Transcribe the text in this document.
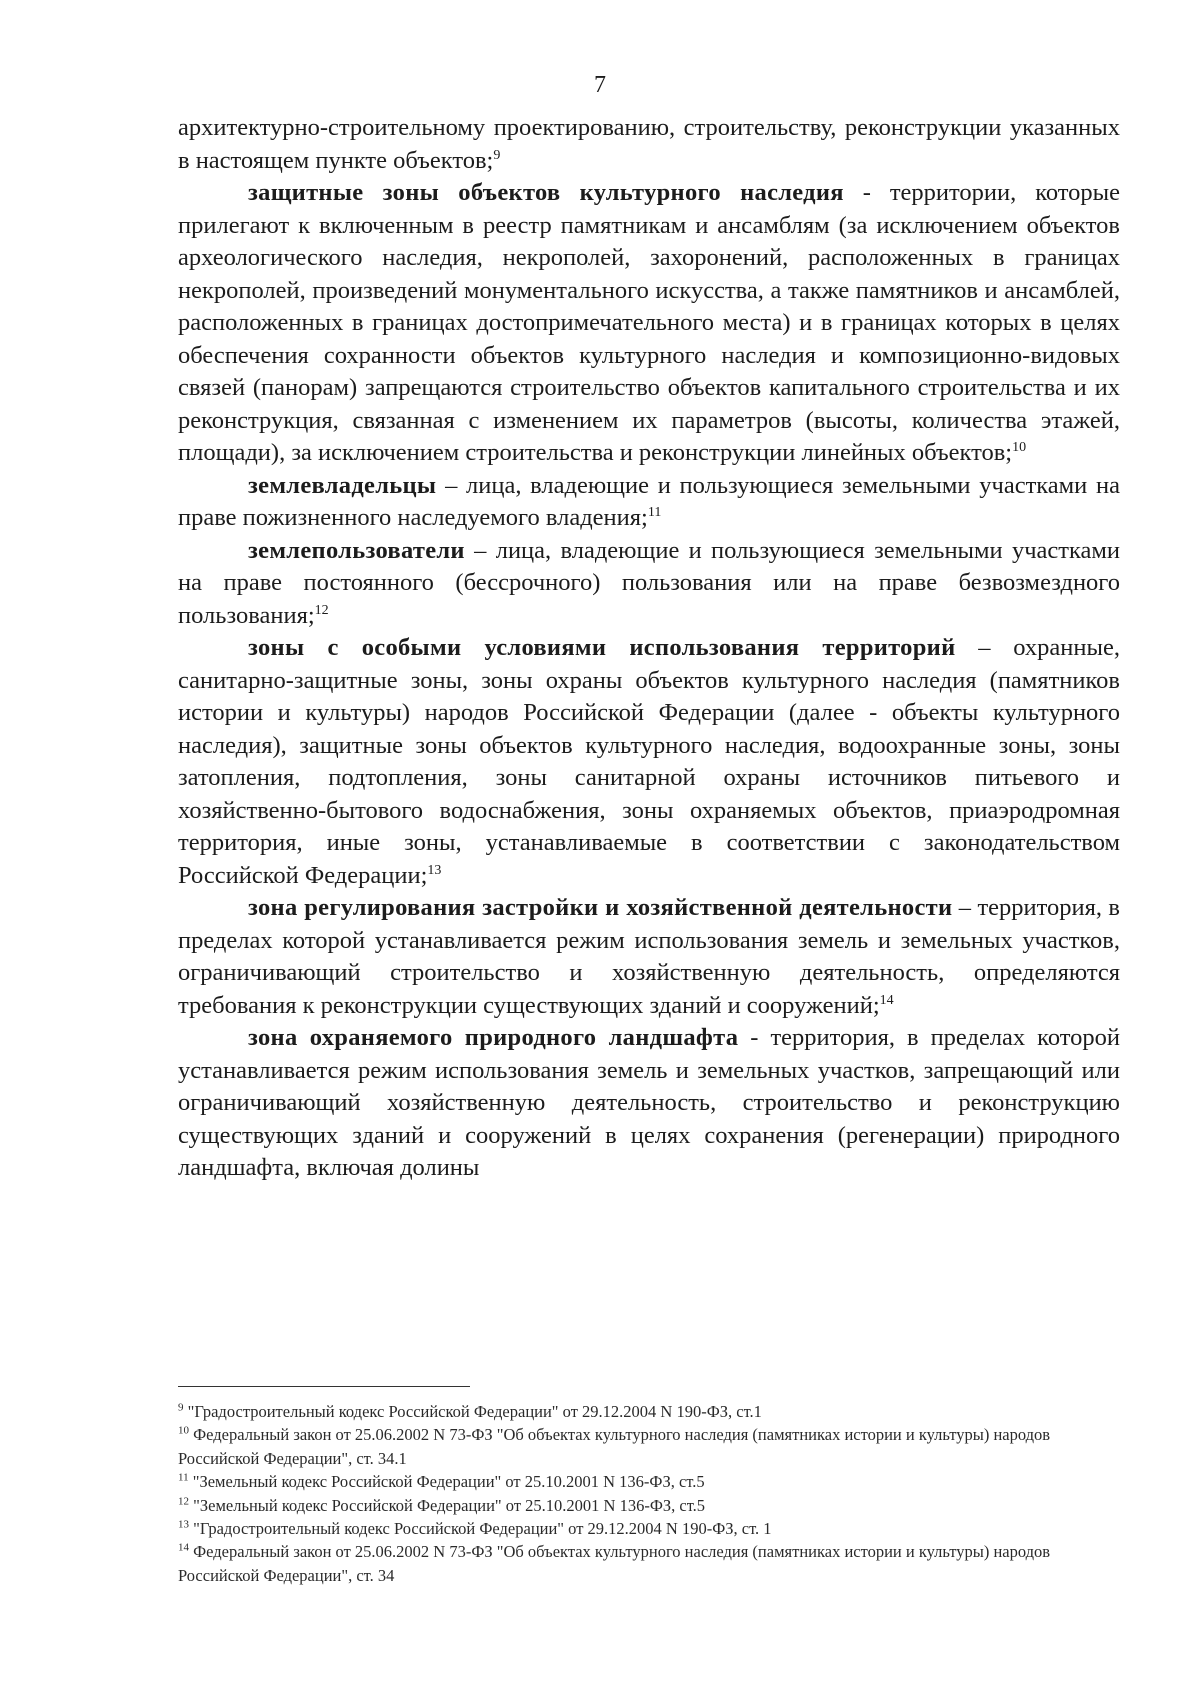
7

архитектурно-строительному проектированию, строительству, реконструкции указанных в настоящем пункте объектов;$^9$

защитные зоны объектов культурного наследия - территории, которые прилегают к включенным в реестр памятникам и ансамблям (за исключением объектов археологического наследия, некрополей, захоронений, расположенных в границах некрополей, произведений монументального искусства, а также памятников и ансамблей, расположенных в границах достопримечательного места) и в границах которых в целях обеспечения сохранности объектов культурного наследия и композиционно-видовых связей (панорам) запрещаются строительство объектов капитального строительства и их реконструкция, связанная с изменением их параметров (высоты, количества этажей, площади), за исключением строительства и реконструкции линейных объектов;$^{10}$

землевладельцы – лица, владеющие и пользующиеся земельными участками на праве пожизненного наследуемого владения;$^{11}$

землепользователи – лица, владеющие и пользующиеся земельными участками на праве постоянного (бессрочного) пользования или на праве безвозмездного пользования;$^{12}$

зоны с особыми условиями использования территорий – охранные, санитарно-защитные зоны, зоны охраны объектов культурного наследия (памятников истории и культуры) народов Российской Федерации (далее - объекты культурного наследия), защитные зоны объектов культурного наследия, водоохранные зоны, зоны затопления, подтопления, зоны санитарной охраны источников питьевого и хозяйственно-бытового водоснабжения, зоны охраняемых объектов, приаэродромная территория, иные зоны, устанавливаемые в соответствии с законодательством Российской Федерации;$^{13}$

зона регулирования застройки и хозяйственной деятельности – территория, в пределах которой устанавливается режим использования земель и земельных участков, ограничивающий строительство и хозяйственную деятельность, определяются требования к реконструкции существующих зданий и сооружений;$^{14}$

зона охраняемого природного ландшафта - территория, в пределах которой устанавливается режим использования земель и земельных участков, запрещающий или ограничивающий хозяйственную деятельность, строительство и реконструкцию существующих зданий и сооружений в целях сохранения (регенерации) природного ландшафта, включая долины

$^9$ "Градостроительный кодекс Российской Федерации" от 29.12.2004 N 190-ФЗ, ст.1

$^{10}$ Федеральный закон от 25.06.2002 N 73-ФЗ "Об объектах культурного наследия (памятниках истории и культуры) народов Российской Федерации", ст. 34.1

$^{11}$ "Земельный кодекс Российской Федерации" от 25.10.2001 N 136-ФЗ, ст.5

$^{12}$ "Земельный кодекс Российской Федерации" от 25.10.2001 N 136-ФЗ, ст.5

$^{13}$ "Градостроительный кодекс Российской Федерации" от 29.12.2004 N 190-ФЗ, ст. 1

$^{14}$ Федеральный закон от 25.06.2002 N 73-ФЗ "Об объектах культурного наследия (памятниках истории и культуры) народов Российской Федерации", ст. 34
